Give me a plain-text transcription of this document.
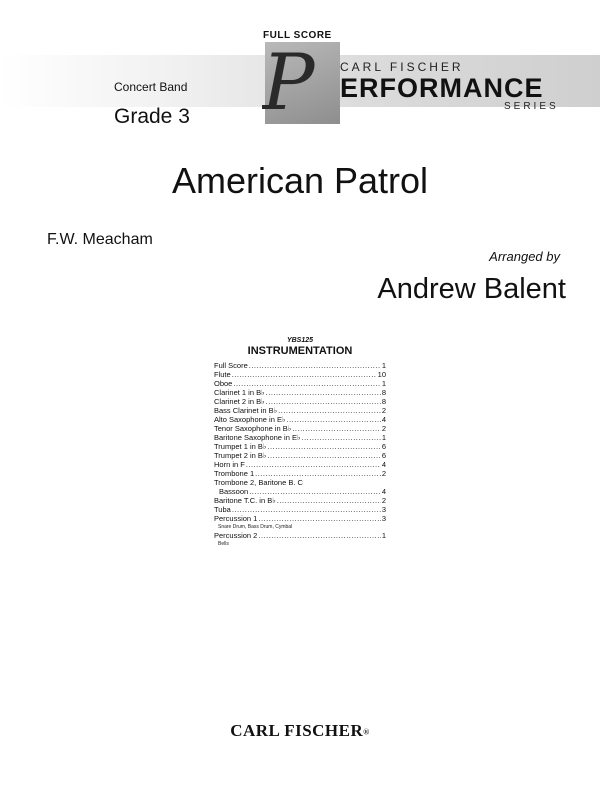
P
FULL SCORE
CARL FISCHER
ERFORMANCE
SERIES
Concert Band
Grade 3
American Patrol
F.W. Meacham
Arranged by
Andrew Balent
YBS125
INSTRUMENTATION
Full Score .....	1
Flute .....	10
Oboe .....	1
Clarinet 1 in B♭ .....	8
Clarinet 2 in B♭ .....	8
Bass Clarinet in B♭ .....	2
Alto Saxophone in E♭ .....	4
Tenor Saxophone in B♭ .....	2
Baritone Saxophone in E♭ .....	1
Trumpet 1 in B♭ .....	6
Trumpet 2 in B♭ .....	6
Horn in F .....	4
Trombone 1 .....	2
Trombone 2, Baritone B. C
Bassoon .....	4
Baritone T.C. in B♭ .....	2
Tuba .....	3
Percussion 1 .....	3
Snare Drum, Bass Drum, Cymbal
Percussion 2 .....	1
Bells
CARL FISCHER®
